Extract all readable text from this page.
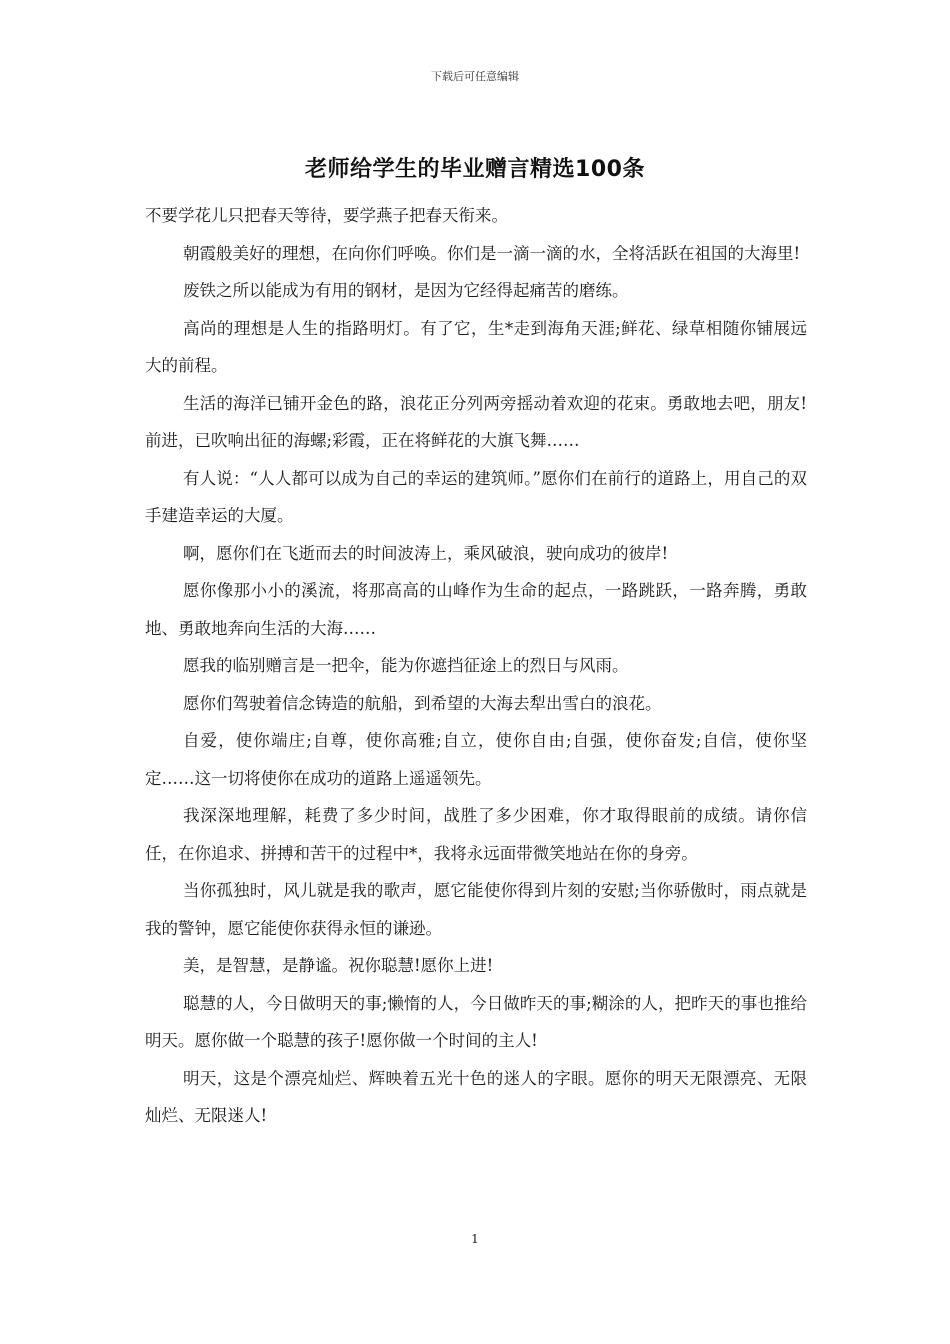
下载后可任意编辑
老师给学生的毕业赠言精选100条

不要学花儿只把春天等待，要学燕子把春天衔来。

朝霞般美好的理想，在向你们呼唤。你们是一滴一滴的水，全将活跃在祖国的大海里!

废铁之所以能成为有用的钢材，是因为它经得起痛苦的磨练。

高尚的理想是人生的指路明灯。有了它，生*走到海角天涯;鲜花、绿草相随你铺展远大的前程。

生活的海洋已铺开金色的路，浪花正分列两旁摇动着欢迎的花束。勇敢地去吧，朋友!前进，已吹响出征的海螺;彩霞，正在将鲜花的大旗飞舞……

有人说：“人人都可以成为自己的幸运的建筑师。”愿你们在前行的道路上，用自己的双手建造幸运的大厦。

啊，愿你们在飞逝而去的时间波涛上，乘风破浪，驶向成功的彼岸!

愿你像那小小的溪流，将那高高的山峰作为生命的起点，一路跳跃，一路奔腾，勇敢地、勇敢地奔向生活的大海……

愿我的临别赠言是一把伞，能为你遮挡征途上的烈日与风雨。

愿你们驾驶着信念铸造的航船，到希望的大海去犁出雪白的浪花。

自爱，使你端庄;自尊，使你高雅;自立，使你自由;自强，使你奋发;自信，使你坚定……这一切将使你在成功的道路上遥遥领先。

我深深地理解，耗费了多少时间，战胜了多少困难，你才取得眼前的成绩。请你信任，在你追求、拼搏和苦干的过程中*，我将永远面带微笑地站在你的身旁。

当你孤独时，风儿就是我的歌声，愿它能使你得到片刻的安慰;当你骄傲时，雨点就是我的警钟，愿它能使你获得永恒的谦逊。

美，是智慧，是静谧。祝你聪慧!愿你上进!

聪慧的人，今日做明天的事;懒惰的人，今日做昨天的事;糊涂的人，把昨天的事也推给明天。愿你做一个聪慧的孩子!愿你做一个时间的主人!

明天，这是个漂亮灿烂、辉映着五光十色的迷人的字眼。愿你的明天无限漂亮、无限灿烂、无限迷人!

1
